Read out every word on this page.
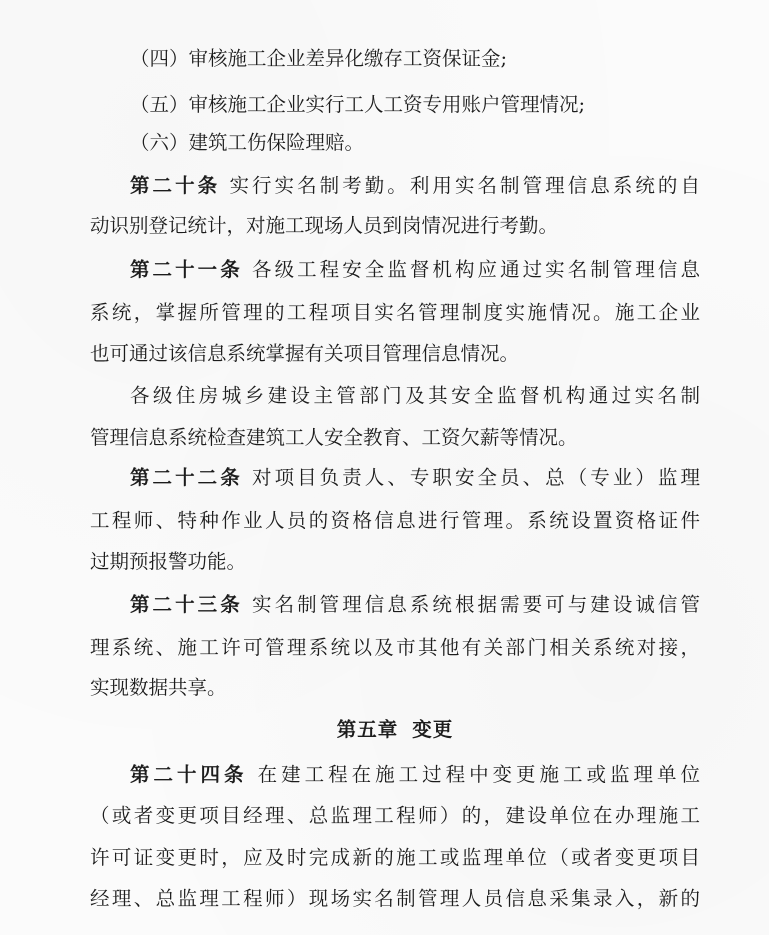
（四）审核施工企业差异化缴存工资保证金;
（五）审核施工企业实行工人工资专用账户管理情况;
（六）建筑工伤保险理赔。
第二十条 实行实名制考勤。利用实名制管理信息系统的自
动识别登记统计，对施工现场人员到岗情况进行考勤。
第二十一条 各级工程安全监督机构应通过实名制管理信息
系统，掌握所管理的工程项目实名管理制度实施情况。施工企业
也可通过该信息系统掌握有关项目管理信息情况。
各级住房城乡建设主管部门及其安全监督机构通过实名制
管理信息系统检查建筑工人安全教育、工资欠薪等情况。
第二十二条 对项目负责人、专职安全员、总（专业）监理
工程师、特种作业人员的资格信息进行管理。系统设置资格证件
过期预报警功能。
第二十三条 实名制管理信息系统根据需要可与建设诚信管
理系统、施工许可管理系统以及市其他有关部门相关系统对接，
实现数据共享。
第五章 变更
第二十四条 在建工程在施工过程中变更施工或监理单位
（或者变更项目经理、总监理工程师）的，建设单位在办理施工
许可证变更时，应及时完成新的施工或监理单位（或者变更项目
经理、总监理工程师）现场实名制管理人员信息采集录入，新的
